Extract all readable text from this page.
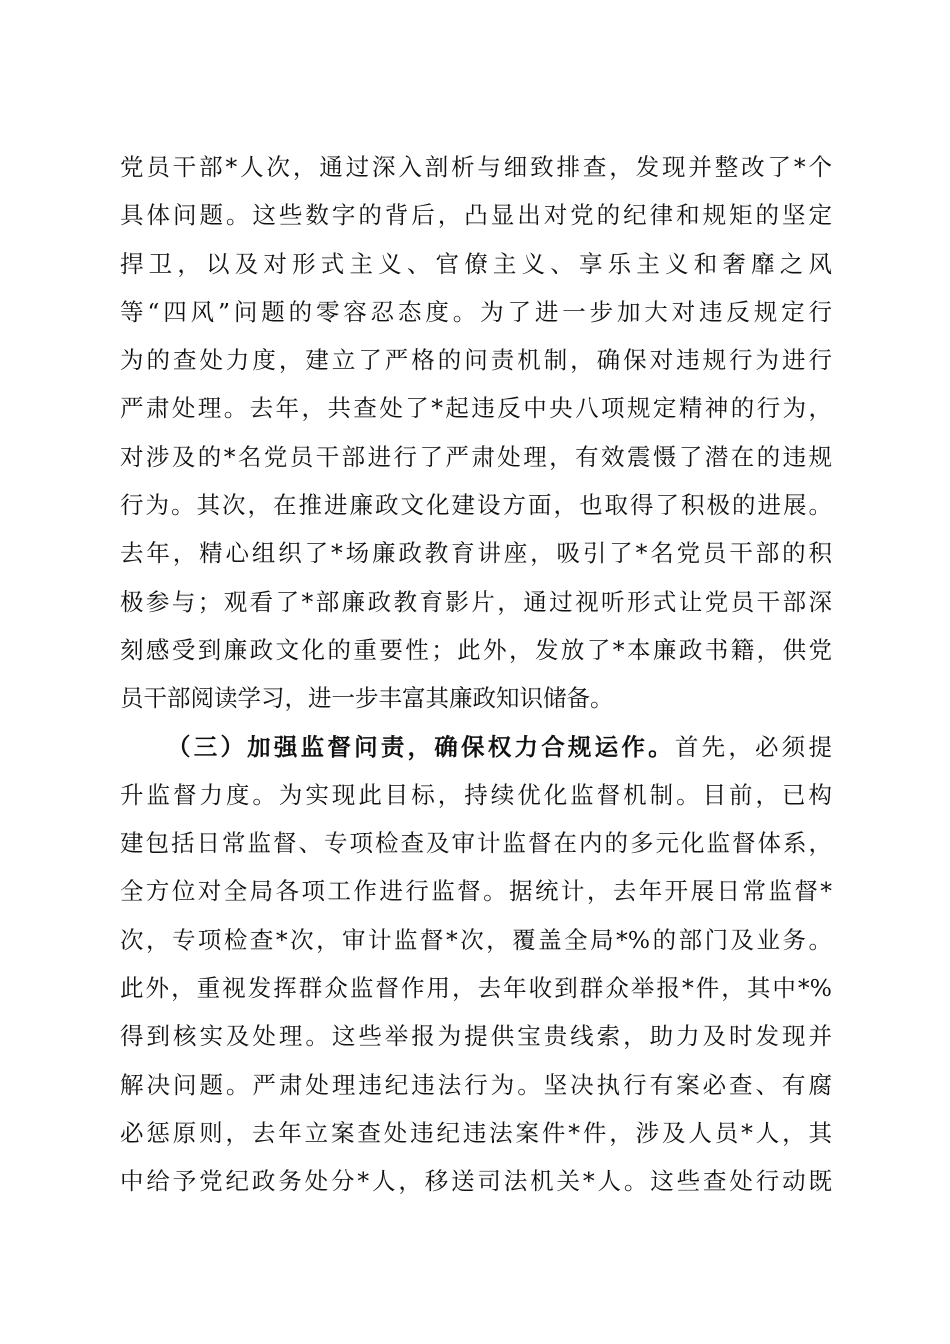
党员干部*人次，通过深入剖析与细致排查，发现并整改了*个
具体问题。这些数字的背后，凸显出对党的纪律和规矩的坚定
捍卫，以及对形式主义、官僚主义、享乐主义和奢靡之风
等“四风”问题的零容忍态度。为了进一步加大对违反规定行
为的查处力度，建立了严格的问责机制，确保对违规行为进行
严肃处理。去年，共查处了*起违反中央八项规定精神的行为，
对涉及的*名党员干部进行了严肃处理，有效震慑了潜在的违规
行为。其次，在推进廉政文化建设方面，也取得了积极的进展。
去年，精心组织了*场廉政教育讲座，吸引了*名党员干部的积
极参与；观看了*部廉政教育影片，通过视听形式让党员干部深
刻感受到廉政文化的重要性；此外，发放了*本廉政书籍，供党
员干部阅读学习，进一步丰富其廉政知识储备。
（三）加强监督问责，确保权力合规运作。首先，必须提
升监督力度。为实现此目标，持续优化监督机制。目前，已构
建包括日常监督、专项检查及审计监督在内的多元化监督体系，
全方位对全局各项工作进行监督。据统计，去年开展日常监督*
次，专项检查*次，审计监督*次，覆盖全局*%的部门及业务。
此外，重视发挥群众监督作用，去年收到群众举报*件，其中*%
得到核实及处理。这些举报为提供宝贵线索，助力及时发现并
解决问题。严肃处理违纪违法行为。坚决执行有案必查、有腐
必惩原则，去年立案查处违纪违法案件*件，涉及人员*人，其
中给予党纪政务处分*人，移送司法机关*人。这些查处行动既
